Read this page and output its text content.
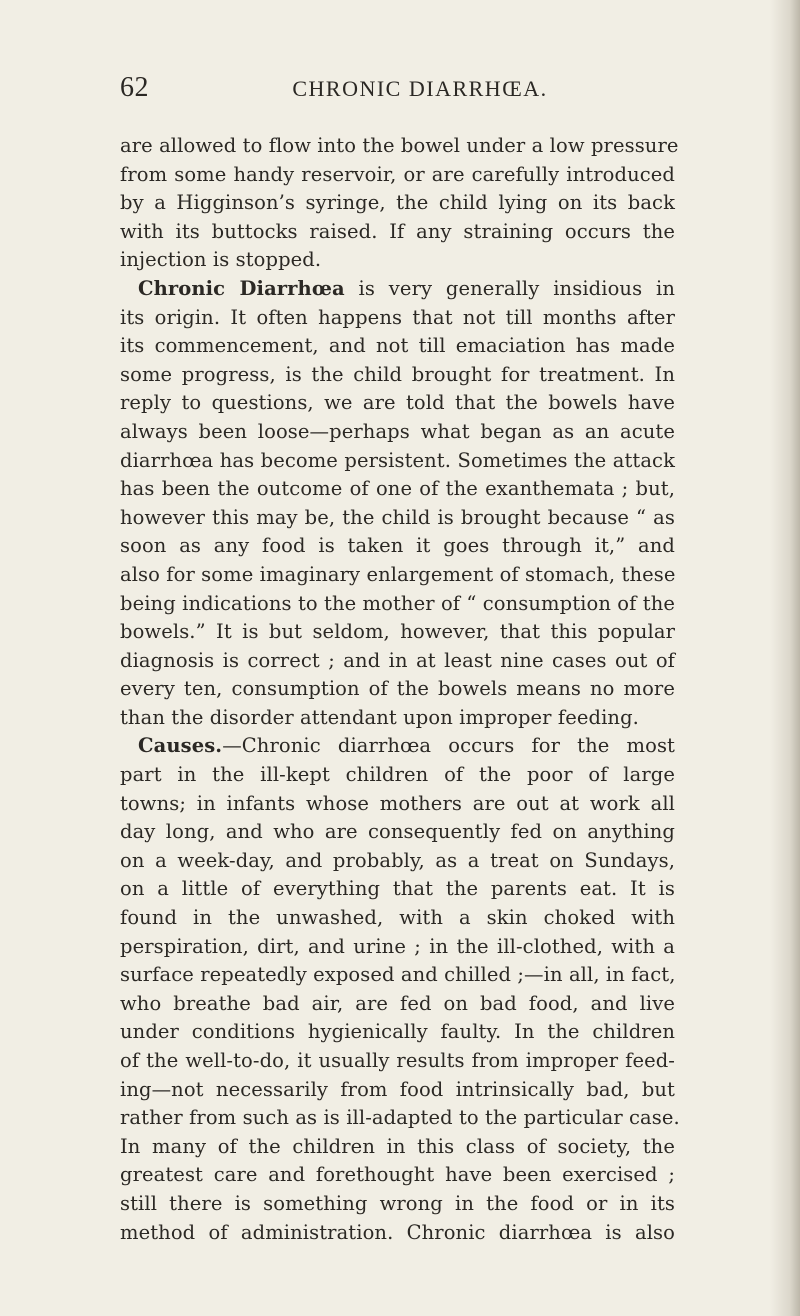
62	CHRONIC DIARRHŒA.
are allowed to flow into the bowel under a low pressure
from some handy reservoir, or are carefully introduced
by a Higginson’s syringe, the child lying on its back
with its buttocks raised. If any straining occurs the
injection is stopped.
Chronic Diarrhœa is very generally insidious in
its origin. It often happens that not till months after
its commencement, and not till emaciation has made
some progress, is the child brought for treatment. In
reply to questions, we are told that the bowels have
always been loose—perhaps what began as an acute
diarrhœa has become persistent. Sometimes the attack
has been the outcome of one of the exanthemata ; but,
however this may be, the child is brought because “ as
soon as any food is taken it goes through it,” and
also for some imaginary enlargement of stomach, these
being indications to the mother of “ consumption of the
bowels.” It is but seldom, however, that this popular
diagnosis is correct ; and in at least nine cases out of
every ten, consumption of the bowels means no more
than the disorder attendant upon improper feeding.
Causes.—Chronic diarrhœa occurs for the most
part in the ill-kept children of the poor of large
towns; in infants whose mothers are out at work all
day long, and who are consequently fed on anything
on a week-day, and probably, as a treat on Sundays,
on a little of everything that the parents eat. It is
found in the unwashed, with a skin choked with
perspiration, dirt, and urine ; in the ill-clothed, with a
surface repeatedly exposed and chilled ;—in all, in fact,
who breathe bad air, are fed on bad food, and live
under conditions hygienically faulty. In the children
of the well-to-do, it usually results from improper feed-
ing—not necessarily from food intrinsically bad, but
rather from such as is ill-adapted to the particular case.
In many of the children in this class of society, the
greatest care and forethought have been exercised ;
still there is something wrong in the food or in its
method of administration. Chronic diarrhœa is also
